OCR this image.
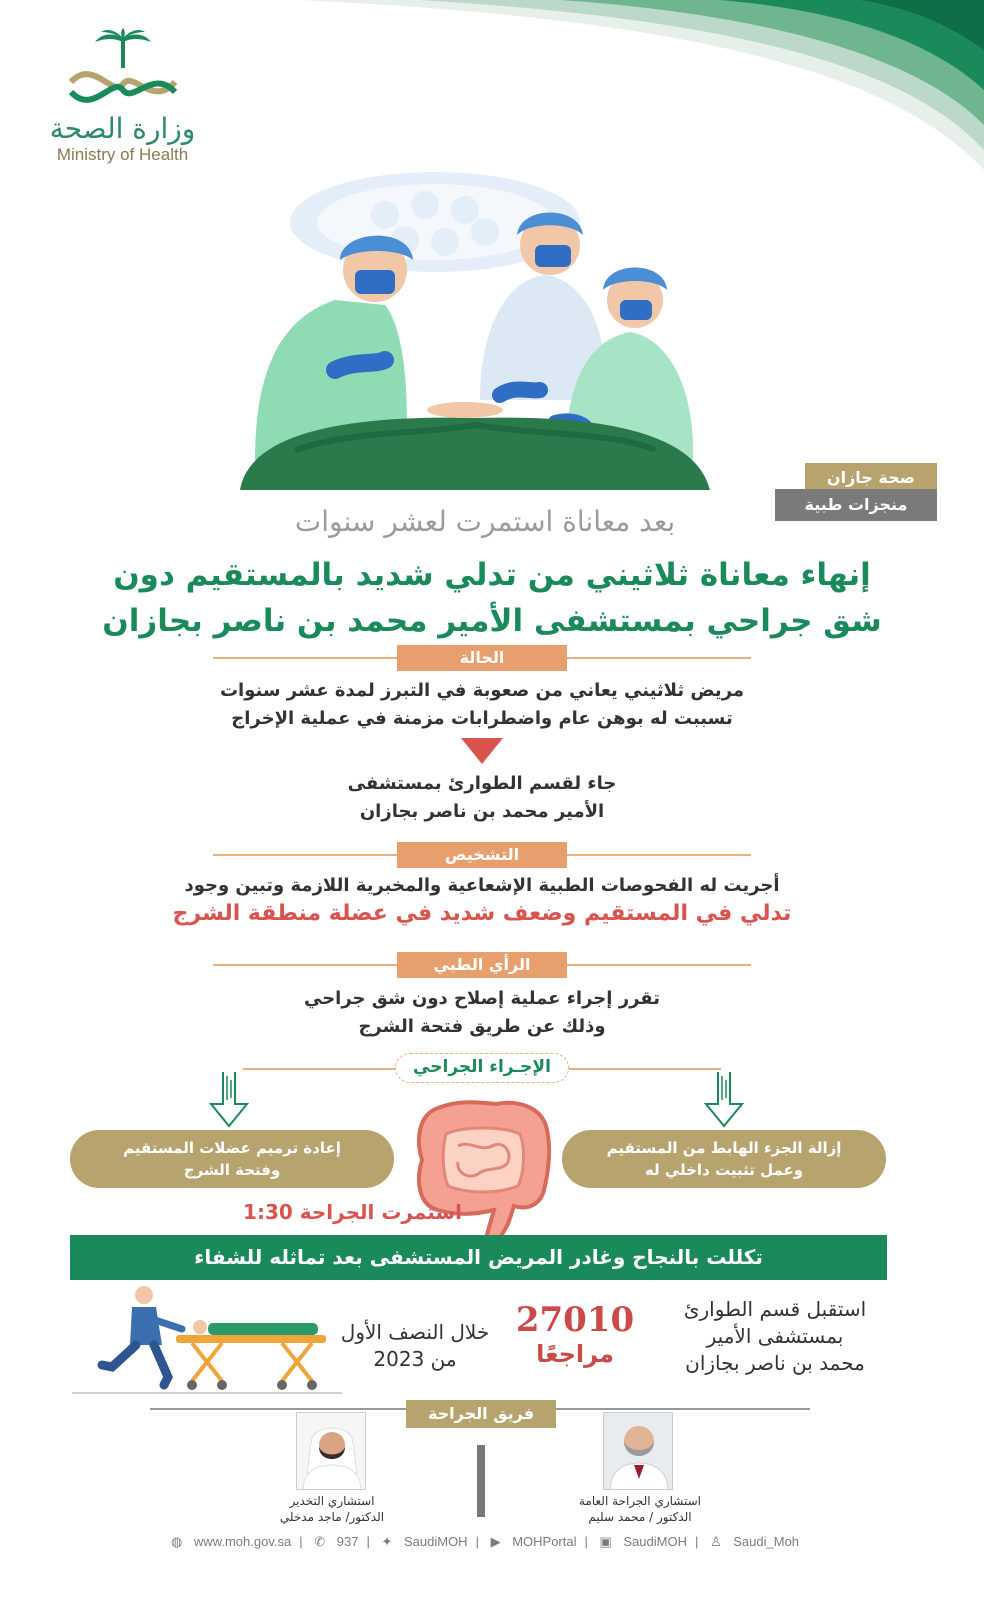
وزارة الصحة
Ministry of Health
صحة جازان
منجزات طبية
بعد معاناة استمرت لعشر سنوات
إنهاء معاناة ثلاثيني من تدلي شديد بالمستقيم دون
شق جراحي بمستشفى الأمير محمد بن ناصر بجازان
الحالة
مريض ثلاثيني يعاني من صعوبة في التبرز لمدة عشر سنوات
تسببت له بوهن عام واضطرابات مزمنة في عملية الإخراج
جاء لقسم الطوارئ بمستشفى
الأمير محمد بن ناصر بجازان
التشخيص
أجريت له الفحوصات الطبية الإشعاعية والمخبرية اللازمة وتبين وجود
تدلي في المستقيم وضعف شديد في عضلة منطقة الشرج
الرأي الطبي
تقرر إجراء عملية إصلاح دون شق جراحي
وذلك عن طريق فتحة الشرج
الإجـراء الجراحي
إزالة الجزء الهابط من المستقيم
وعمل تثبيت داخلي له
إعادة ترميم عضلات المستقيم
وفتحة الشرج
استمرت الجراحة 1:30
تكللت بالنجاح وغادر المريض المستشفى بعد تماثله للشفاء
خلال النصف الأول
من 2023
27010
مراجعًا
استقبل قسم الطوارئ
بمستشفى الأمير
محمد بن ناصر بجازان
فريق الجراحة
استشاري الجراحة العامة
الدكتور / محمد سليم
استشاري التخدير
الدكتور/ ماجد مدخلي
◍ www.moh.gov.sa | ✆ 937 | ✦ SaudiMOH | ▶ MOHPortal | ▣ SaudiMOH | ♙ Saudi_Moh
